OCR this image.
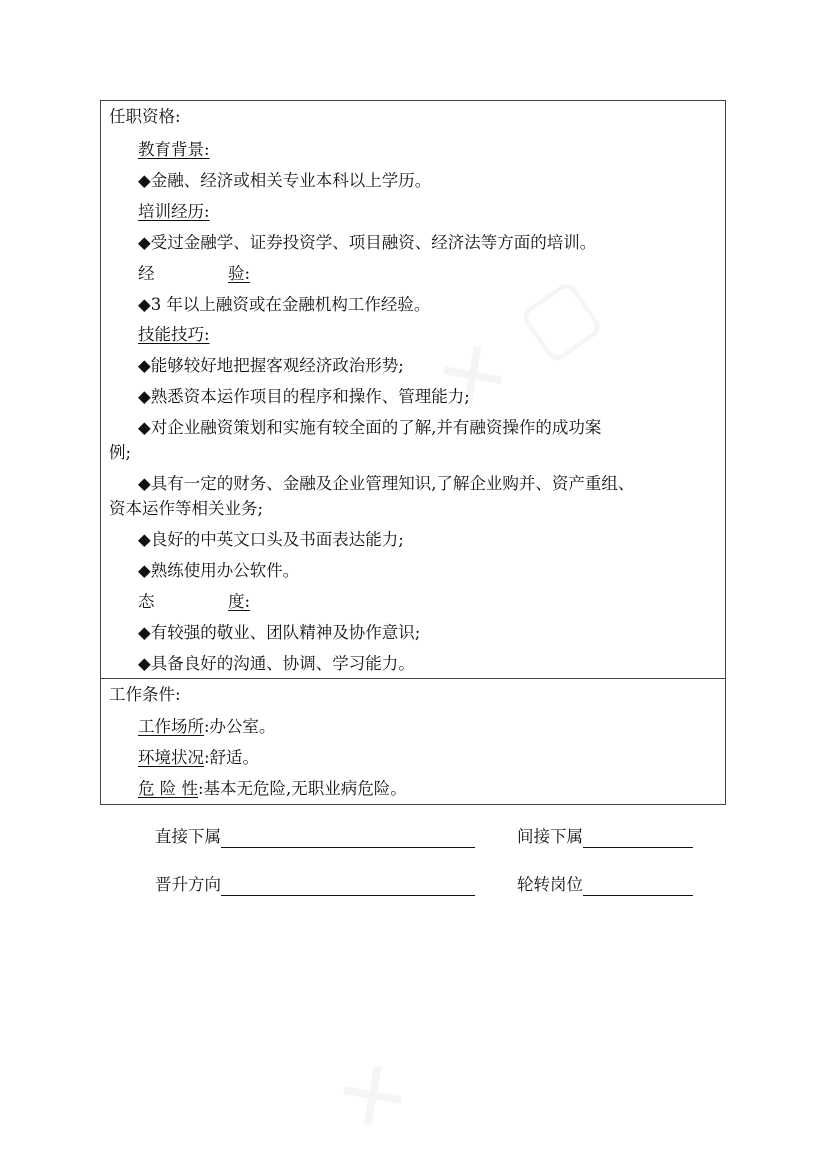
任职资格:
教育背景:
◆金融、经济或相关专业本科以上学历。
培训经历:
◆受过金融学、证券投资学、项目融资、经济法等方面的培训。
经	验:
◆3 年以上融资或在金融机构工作经验。
技能技巧:
◆能够较好地把握客观经济政治形势;
◆熟悉资本运作项目的程序和操作、管理能力;
◆对企业融资策划和实施有较全面的了解,并有融资操作的成功案
例;
◆具有一定的财务、金融及企业管理知识,了解企业购并、资产重组、
资本运作等相关业务;
◆良好的中英文口头及书面表达能力;
◆熟练使用办公软件。
态	度:
◆有较强的敬业、团队精神及协作意识;
◆具备良好的沟通、协调、学习能力。
工作条件:
工作场所:办公室。
环境状况:舒适。
危 险 性:基本无危险,无职业病危险。
直接下属	间接下属
晋升方向	轮转岗位
